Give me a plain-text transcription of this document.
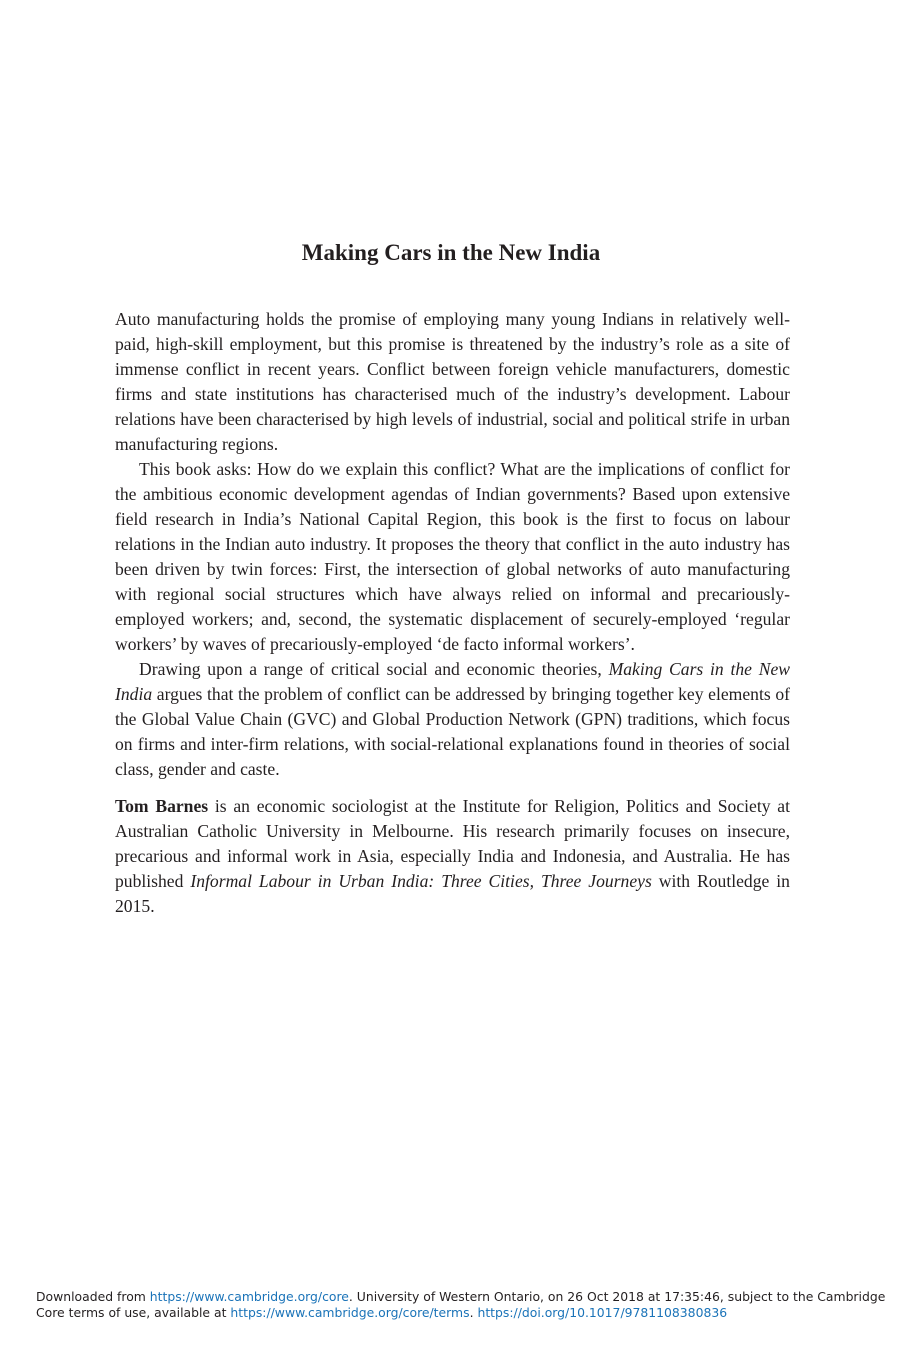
Making Cars in the New India

Auto manufacturing holds the promise of employing many young Indians in relatively well-paid, high-skill employment, but this promise is threatened by the industry’s role as a site of immense conflict in recent years. Conflict between foreign vehicle manufacturers, domestic firms and state institutions has characterised much of the industry’s development. Labour relations have been characterised by high levels of industrial, social and political strife in urban manufacturing regions.

This book asks: How do we explain this conflict? What are the implications of conflict for the ambitious economic development agendas of Indian governments? Based upon extensive field research in India’s National Capital Region, this book is the first to focus on labour relations in the Indian auto industry. It proposes the theory that conflict in the auto industry has been driven by twin forces: First, the intersection of global networks of auto manufacturing with regional social structures which have always relied on informal and precariously-employed workers; and, second, the systematic displacement of securely-employed ‘regular workers’ by waves of precariously-employed ‘de facto informal workers’.

Drawing upon a range of critical social and economic theories, Making Cars in the New India argues that the problem of conflict can be addressed by bringing together key elements of the Global Value Chain (GVC) and Global Production Network (GPN) traditions, which focus on firms and inter-firm relations, with social-relational explanations found in theories of social class, gender and caste.

Tom Barnes is an economic sociologist at the Institute for Religion, Politics and Society at Australian Catholic University in Melbourne. His research primarily focuses on insecure, precarious and informal work in Asia, especially India and Indonesia, and Australia. He has published Informal Labour in Urban India: Three Cities, Three Journeys with Routledge in 2015.

Downloaded from https://www.cambridge.org/core. University of Western Ontario, on 26 Oct 2018 at 17:35:46, subject to the Cambridge Core terms of use, available at https://www.cambridge.org/core/terms. https://doi.org/10.1017/9781108380836
